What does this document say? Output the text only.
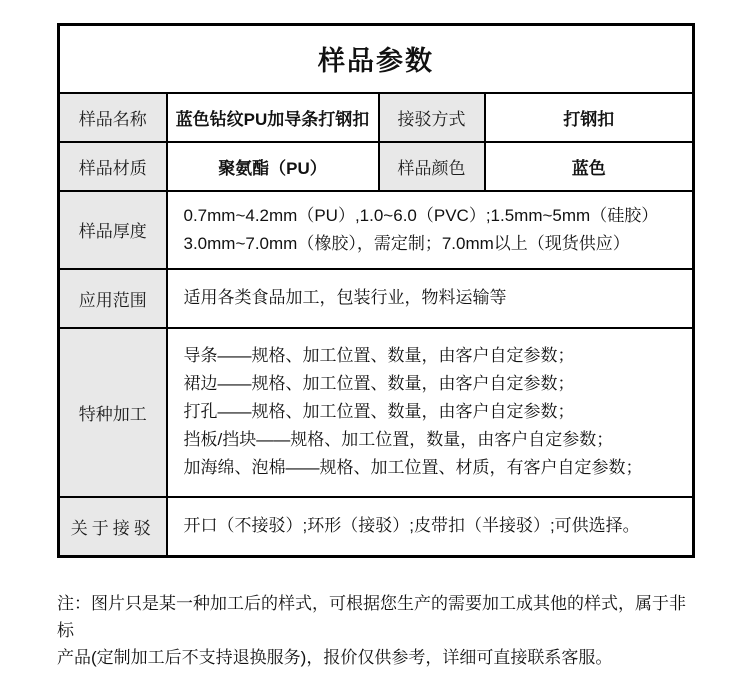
样品参数			
样品名称	蓝色钻纹PU加导条打钢扣	接驳方式	打钢扣
样品材质	聚氨酯（PU）	样品颜色	蓝色
样品厚度	0.7mm~4.2mm（PU）,1.0~6.0（PVC）;1.5mm~5mm（硅胶）
3.0mm~7.0mm（橡胶），需定制；7.0mm以上（现货供应）		

应用范围	适用各类食品加工，包装行业，物料运输等		
特种加工	导条——规格、加工位置、数量，由客户自定参数；
裙边——规格、加工位置、数量，由客户自定参数；
打孔——规格、加工位置、数量，由客户自定参数；
挡板/挡块——规格、加工位置，数量，由客户自定参数；
加海绵、泡棉——规格、加工位置、材质，有客户自定参数；		

关于接驳	开口（不接驳）;环形（接驳）;皮带扣（半接驳）;可供选择。		
注：图片只是某一种加工后的样式，可根据您生产的需要加工成其他的样式，属于非标
产品(定制加工后不支持退换服务)，报价仅供参考，详细可直接联系客服。
